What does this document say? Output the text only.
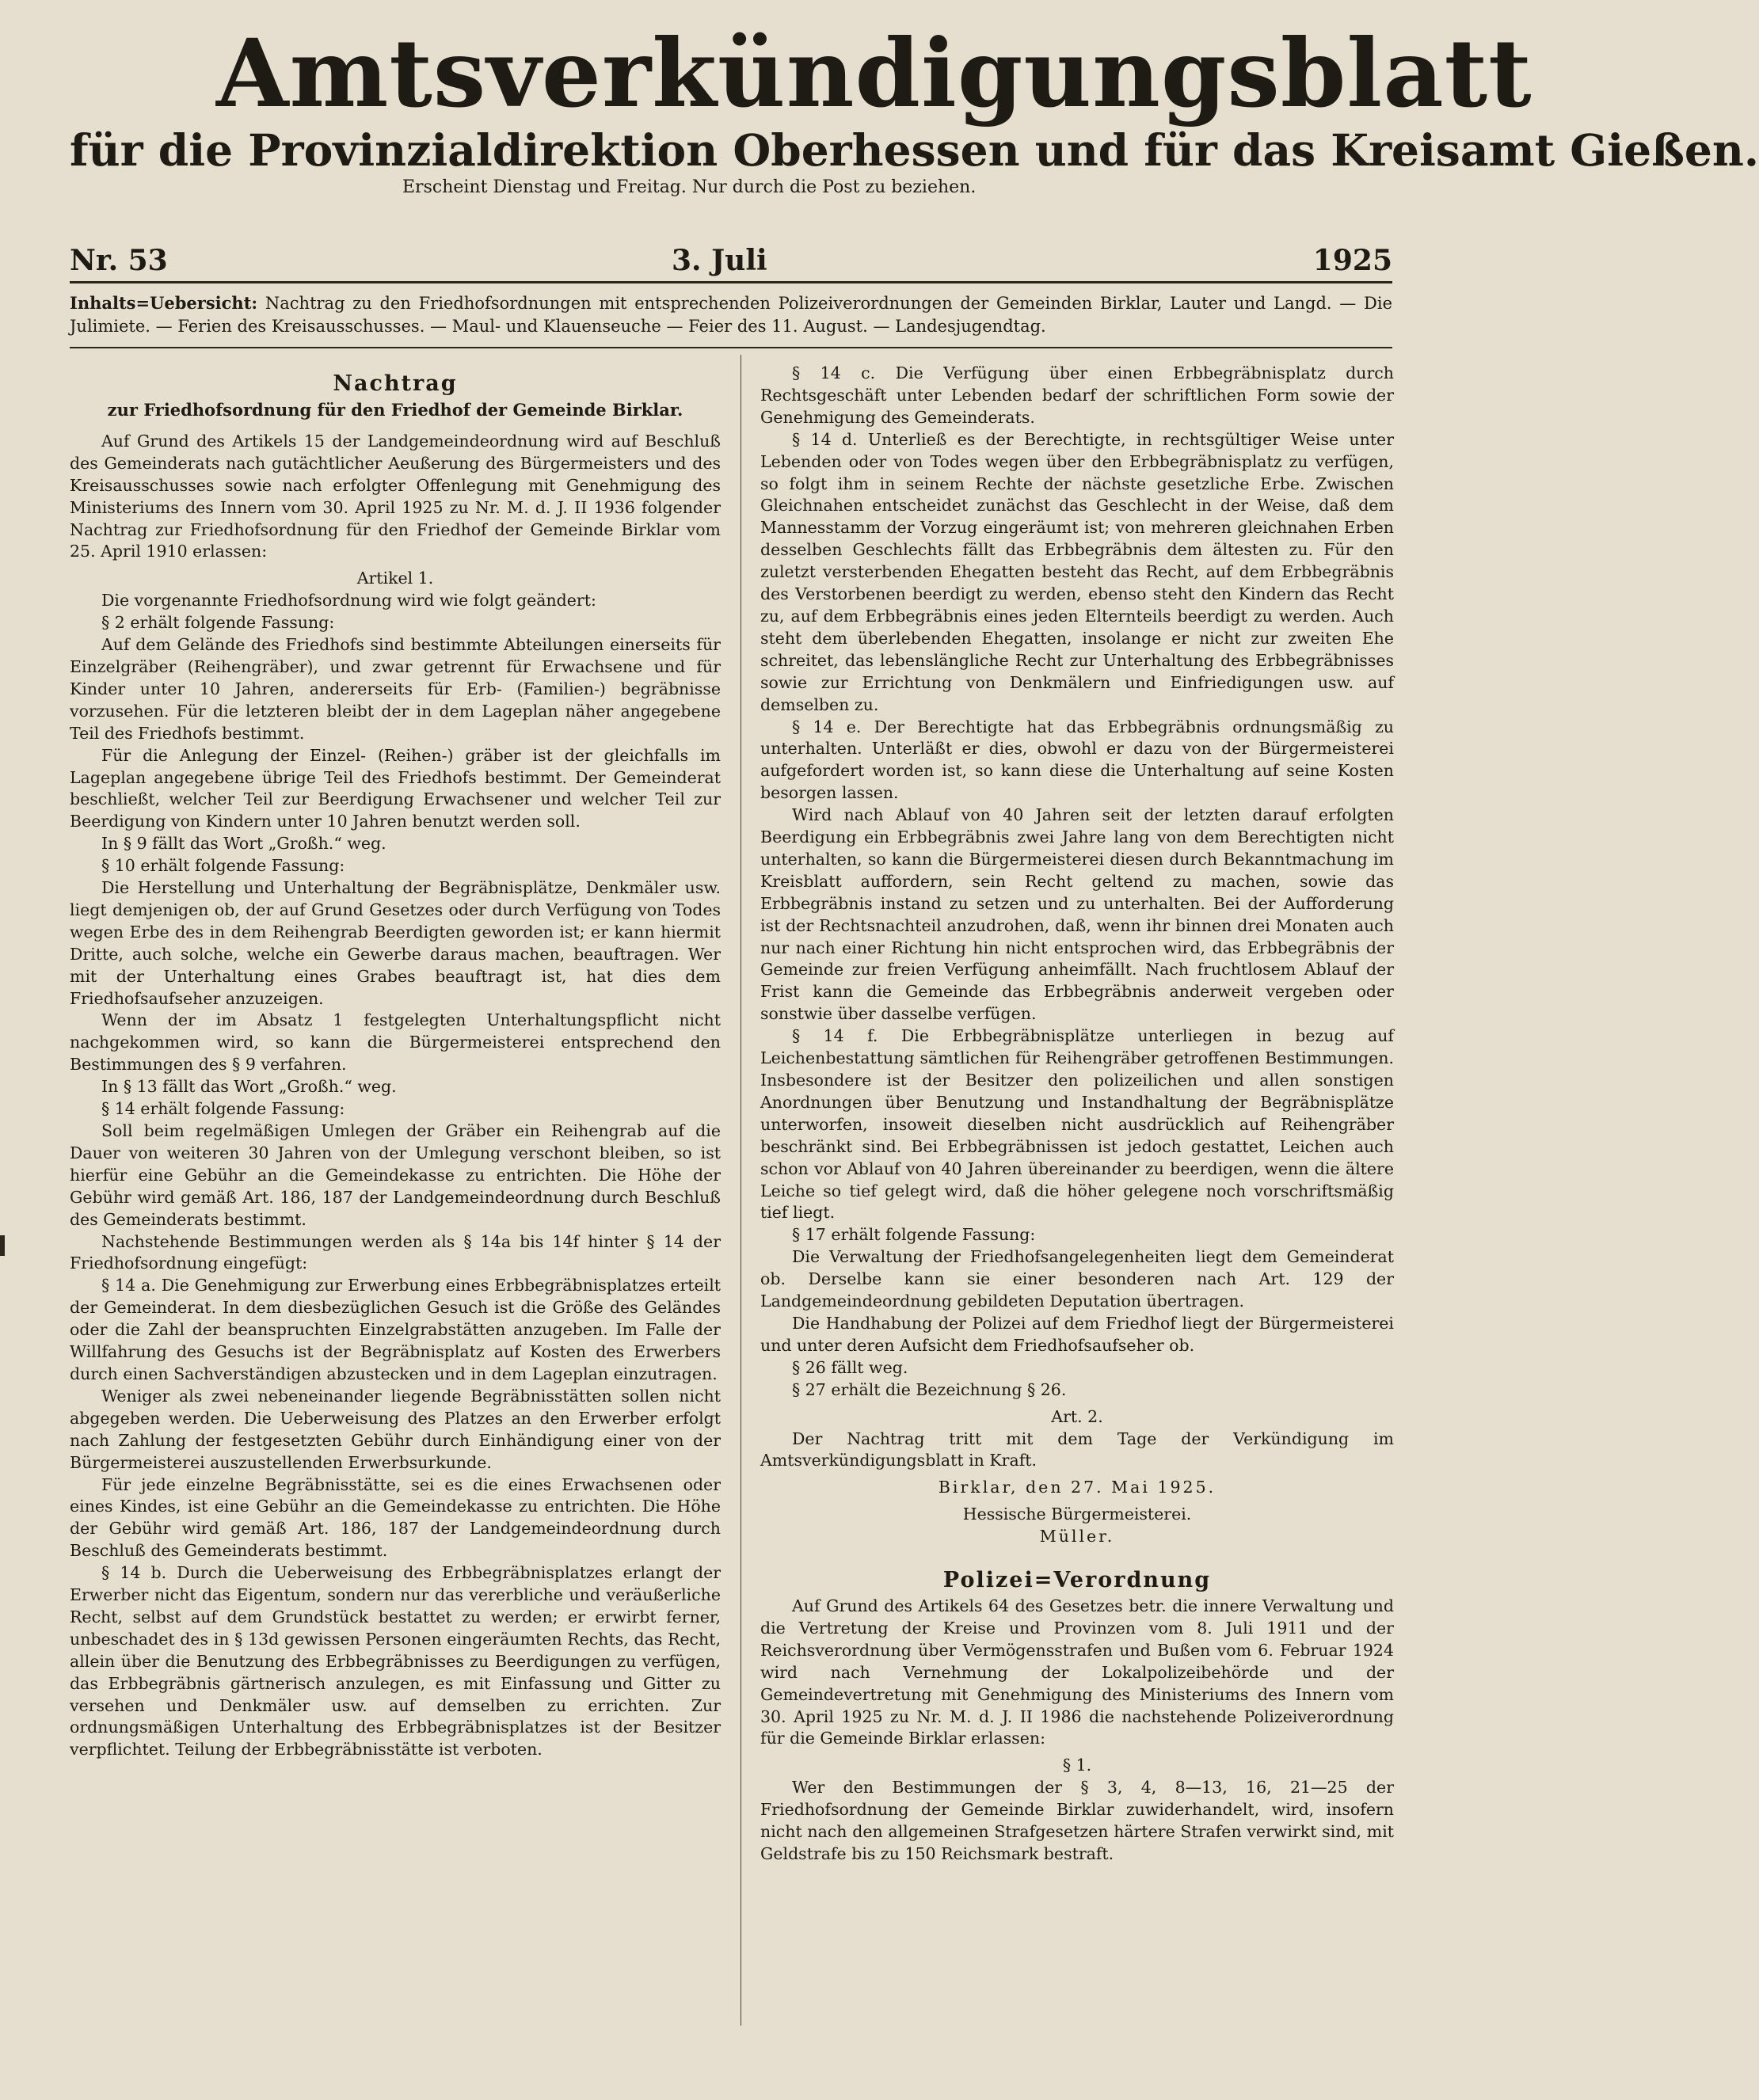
Amtsverkündigungsblatt
für die Provinzialdirektion Oberhessen und für das Kreisamt Gießen.
Erscheint Dienstag und Freitag. Nur durch die Post zu beziehen.
Nr. 53	3. Juli	1925
Inhalts=Uebersicht: Nachtrag zu den Friedhofsordnungen mit entsprechenden Polizeiverordnungen der Gemeinden Birklar, Lauter und Langd. — Die Julimiete. — Ferien des Kreisausschusses. — Maul- und Klauenseuche — Feier des 11. August. — Landesjugendtag.
Nachtrag

zur Friedhofsordnung für den Friedhof der Gemeinde Birklar.

Auf Grund des Artikels 15 der Landgemeindeordnung wird auf Beschluß des Gemeinderats nach gutächtlicher Aeußerung des Bürgermeisters und des Kreisausschusses sowie nach erfolgter Offenlegung mit Genehmigung des Ministeriums des Innern vom 30. April 1925 zu Nr. M. d. J. II 1936 folgender Nachtrag zur Friedhofsordnung für den Friedhof der Gemeinde Birklar vom 25. April 1910 erlassen:

Artikel 1.

Die vorgenannte Friedhofsordnung wird wie folgt geändert:

§ 2 erhält folgende Fassung:

Auf dem Gelände des Friedhofs sind bestimmte Abteilungen einerseits für Einzelgräber (Reihengräber), und zwar getrennt für Erwachsene und für Kinder unter 10 Jahren, andererseits für Erb- (Familien-) begräbnisse vorzusehen. Für die letzteren bleibt der in dem Lageplan näher angegebene Teil des Friedhofs bestimmt.

Für die Anlegung der Einzel- (Reihen-) gräber ist der gleichfalls im Lageplan angegebene übrige Teil des Friedhofs bestimmt. Der Gemeinderat beschließt, welcher Teil zur Beerdigung Erwachsener und welcher Teil zur Beerdigung von Kindern unter 10 Jahren benutzt werden soll.

In § 9 fällt das Wort „Großh.“ weg.

§ 10 erhält folgende Fassung:

Die Herstellung und Unterhaltung der Begräbnisplätze, Denkmäler usw. liegt demjenigen ob, der auf Grund Gesetzes oder durch Verfügung von Todes wegen Erbe des in dem Reihengrab Beerdigten geworden ist; er kann hiermit Dritte, auch solche, welche ein Gewerbe daraus machen, beauftragen. Wer mit der Unterhaltung eines Grabes beauftragt ist, hat dies dem Friedhofsaufseher anzuzeigen.

Wenn der im Absatz 1 festgelegten Unterhaltungspflicht nicht nachgekommen wird, so kann die Bürgermeisterei entsprechend den Bestimmungen des § 9 verfahren.

In § 13 fällt das Wort „Großh.“ weg.

§ 14 erhält folgende Fassung:

Soll beim regelmäßigen Umlegen der Gräber ein Reihengrab auf die Dauer von weiteren 30 Jahren von der Umlegung verschont bleiben, so ist hierfür eine Gebühr an die Gemeindekasse zu entrichten. Die Höhe der Gebühr wird gemäß Art. 186, 187 der Landgemeindeordnung durch Beschluß des Gemeinderats bestimmt.

Nachstehende Bestimmungen werden als § 14a bis 14f hinter § 14 der Friedhofsordnung eingefügt:

§ 14 a. Die Genehmigung zur Erwerbung eines Erbbegräbnisplatzes erteilt der Gemeinderat. In dem diesbezüglichen Gesuch ist die Größe des Geländes oder die Zahl der beanspruchten Einzelgrabstätten anzugeben. Im Falle der Willfahrung des Gesuchs ist der Begräbnisplatz auf Kosten des Erwerbers durch einen Sachverständigen abzustecken und in dem Lageplan einzutragen.

Weniger als zwei nebeneinander liegende Begräbnisstätten sollen nicht abgegeben werden. Die Ueberweisung des Platzes an den Erwerber erfolgt nach Zahlung der festgesetzten Gebühr durch Einhändigung einer von der Bürgermeisterei auszustellenden Erwerbsurkunde.

Für jede einzelne Begräbnisstätte, sei es die eines Erwachsenen oder eines Kindes, ist eine Gebühr an die Gemeindekasse zu entrichten. Die Höhe der Gebühr wird gemäß Art. 186, 187 der Landgemeindeordnung durch Beschluß des Gemeinderats bestimmt.

§ 14 b. Durch die Ueberweisung des Erbbegräbnisplatzes erlangt der Erwerber nicht das Eigentum, sondern nur das vererbliche und veräußerliche Recht, selbst auf dem Grundstück bestattet zu werden; er erwirbt ferner, unbeschadet des in § 13d gewissen Personen eingeräumten Rechts, das Recht, allein über die Benutzung des Erbbegräbnisses zu Beerdigungen zu verfügen, das Erbbegräbnis gärtnerisch anzulegen, es mit Einfassung und Gitter zu versehen und Denkmäler usw. auf demselben zu errichten. Zur ordnungsmäßigen Unterhaltung des Erbbegräbnisplatzes ist der Besitzer verpflichtet. Teilung der Erbbegräbnisstätte ist verboten.

§ 14 c. Die Verfügung über einen Erbbegräbnisplatz durch Rechtsgeschäft unter Lebenden bedarf der schriftlichen Form sowie der Genehmigung des Gemeinderats.

§ 14 d. Unterließ es der Berechtigte, in rechtsgültiger Weise unter Lebenden oder von Todes wegen über den Erbbegräbnisplatz zu verfügen, so folgt ihm in seinem Rechte der nächste gesetzliche Erbe. Zwischen Gleichnahen entscheidet zunächst das Geschlecht in der Weise, daß dem Mannesstamm der Vorzug eingeräumt ist; von mehreren gleichnahen Erben desselben Geschlechts fällt das Erbbegräbnis dem ältesten zu. Für den zuletzt versterbenden Ehegatten besteht das Recht, auf dem Erbbegräbnis des Verstorbenen beerdigt zu werden, ebenso steht den Kindern das Recht zu, auf dem Erbbegräbnis eines jeden Elternteils beerdigt zu werden. Auch steht dem überlebenden Ehegatten, insolange er nicht zur zweiten Ehe schreitet, das lebenslängliche Recht zur Unterhaltung des Erbbegräbnisses sowie zur Errichtung von Denkmälern und Einfriedigungen usw. auf demselben zu.

§ 14 e. Der Berechtigte hat das Erbbegräbnis ordnungsmäßig zu unterhalten. Unterläßt er dies, obwohl er dazu von der Bürgermeisterei aufgefordert worden ist, so kann diese die Unterhaltung auf seine Kosten besorgen lassen.

Wird nach Ablauf von 40 Jahren seit der letzten darauf erfolgten Beerdigung ein Erbbegräbnis zwei Jahre lang von dem Berechtigten nicht unterhalten, so kann die Bürgermeisterei diesen durch Bekanntmachung im Kreisblatt auffordern, sein Recht geltend zu machen, sowie das Erbbegräbnis instand zu setzen und zu unterhalten. Bei der Aufforderung ist der Rechtsnachteil anzudrohen, daß, wenn ihr binnen drei Monaten auch nur nach einer Richtung hin nicht entsprochen wird, das Erbbegräbnis der Gemeinde zur freien Verfügung anheimfällt. Nach fruchtlosem Ablauf der Frist kann die Gemeinde das Erbbegräbnis anderweit vergeben oder sonstwie über dasselbe verfügen.

§ 14 f. Die Erbbegräbnisplätze unterliegen in bezug auf Leichenbestattung sämtlichen für Reihengräber getroffenen Bestimmungen. Insbesondere ist der Besitzer den polizeilichen und allen sonstigen Anordnungen über Benutzung und Instandhaltung der Begräbnisplätze unterworfen, insoweit dieselben nicht ausdrücklich auf Reihengräber beschränkt sind. Bei Erbbegräbnissen ist jedoch gestattet, Leichen auch schon vor Ablauf von 40 Jahren übereinander zu beerdigen, wenn die ältere Leiche so tief gelegt wird, daß die höher gelegene noch vorschriftsmäßig tief liegt.

§ 17 erhält folgende Fassung:

Die Verwaltung der Friedhofsangelegenheiten liegt dem Gemeinderat ob. Derselbe kann sie einer besonderen nach Art. 129 der Landgemeindeordnung gebildeten Deputation übertragen.

Die Handhabung der Polizei auf dem Friedhof liegt der Bürgermeisterei und unter deren Aufsicht dem Friedhofsaufseher ob.

§ 26 fällt weg.

§ 27 erhält die Bezeichnung § 26.

Art. 2.

Der Nachtrag tritt mit dem Tage der Verkündigung im Amtsverkündigungsblatt in Kraft.

Birklar, den 27. Mai 1925.

Hessische Bürgermeisterei.

Müller.

Polizei=Verordnung

Auf Grund des Artikels 64 des Gesetzes betr. die innere Verwaltung und die Vertretung der Kreise und Provinzen vom 8. Juli 1911 und der Reichsverordnung über Vermögensstrafen und Bußen vom 6. Februar 1924 wird nach Vernehmung der Lokalpolizeibehörde und der Gemeindevertretung mit Genehmigung des Ministeriums des Innern vom 30. April 1925 zu Nr. M. d. J. II 1986 die nachstehende Polizeiverordnung für die Gemeinde Birklar erlassen:

§ 1.

Wer den Bestimmungen der § 3, 4, 8—13, 16, 21—25 der Friedhofsordnung der Gemeinde Birklar zuwiderhandelt, wird, insofern nicht nach den allgemeinen Strafgesetzen härtere Strafen verwirkt sind, mit Geldstrafe bis zu 150 Reichsmark bestraft.
